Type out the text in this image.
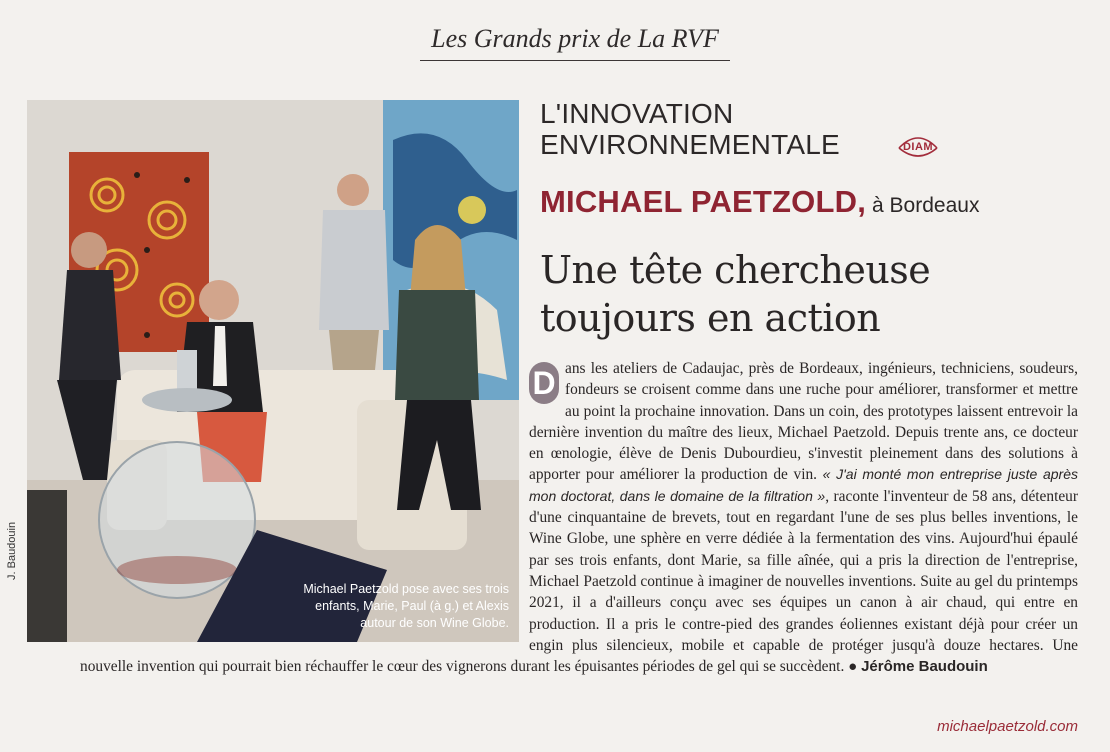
Les Grands prix de La RVF
Michael Paetzold pose avec ses trois enfants, Marie, Paul (à g.) et Alexis autour de son Wine Globe.
J. Baudouin
L'INNOVATION
ENVIRONNEMENTALE	DIAM
MICHAEL PAETZOLD, à Bordeaux
Une tête chercheuse
toujours en action

D ans les ateliers de Cadaujac, près de Bordeaux, ingénieurs, techniciens, soudeurs, fondeurs se croisent comme dans une ruche pour améliorer, transformer et mettre au point la prochaine innovation. Dans un coin, des prototypes laissent entrevoir la dernière invention du maître des lieux, Michael Paetzold. Depuis trente ans, ce docteur en œnologie, élève de Denis Dubourdieu, s'investit pleinement dans des solutions à apporter pour améliorer la production de vin. « J'ai monté mon entreprise juste après mon doctorat, dans le domaine de la filtration », raconte l'inventeur de 58 ans, détenteur d'une cinquantaine de brevets, tout en regardant l'une de ses plus belles inventions, le Wine Globe, une sphère en verre dédiée à la fermentation des vins. Aujourd'hui épaulé par ses trois enfants, dont Marie, sa fille aînée, qui a pris la direction de l'entreprise, Michael Paetzold continue à imaginer de nouvelles inventions. Suite au gel du printemps 2021, il a d'ailleurs conçu avec ses équipes un canon à air chaud, qui entre en production. Il a pris le contre-pied des grandes éoliennes existant déjà pour créer un engin plus silencieux, mobile et capable de protéger jusqu'à douze hectares. Une nouvelle invention qui pourrait bien réchauffer le cœur des vignerons durant les épuisantes périodes de gel qui se succèdent. ● Jérôme Baudouin

michaelpaetzold.com
